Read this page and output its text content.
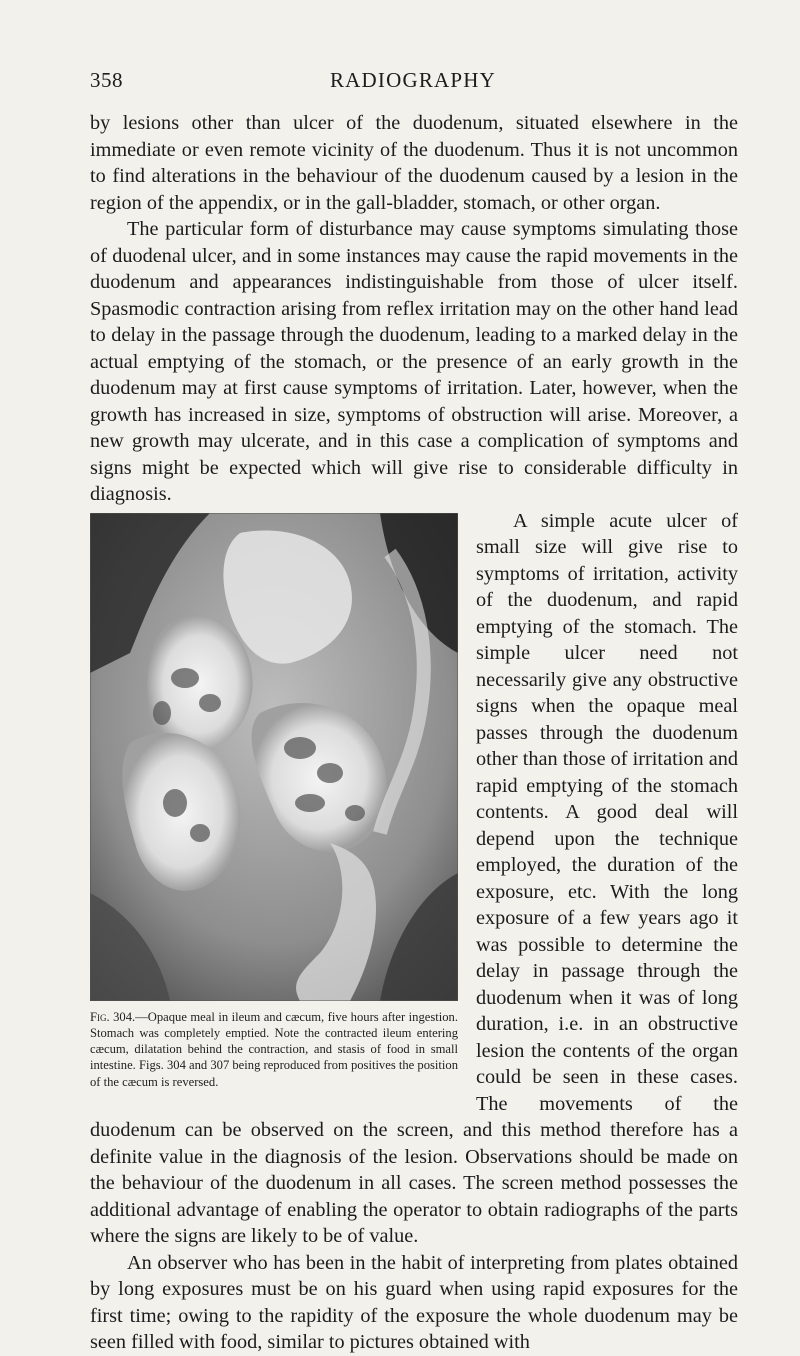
358	RADIOGRAPHY

by lesions other than ulcer of the duodenum, situated elsewhere in the immediate or even remote vicinity of the duodenum. Thus it is not uncommon to find alterations in the behaviour of the duodenum caused by a lesion in the region of the appendix, or in the gall-bladder, stomach, or other organ.

The particular form of disturbance may cause symptoms simulating those of duodenal ulcer, and in some instances may cause the rapid movements in the duodenum and appearances indistinguishable from those of ulcer itself. Spasmodic contraction arising from reflex irritation may on the other hand lead to delay in the passage through the duodenum, leading to a marked delay in the actual emptying of the stomach, or the presence of an early growth in the duodenum may at first cause symptoms of irritation. Later, however, when the growth has increased in size, symptoms of obstruction will arise. Moreover, a new growth may ulcerate, and in this case a complication of symptoms and signs might be expected which will give rise to considerable difficulty in diagnosis.

Fig. 304.—Opaque meal in ileum and cæcum, five hours after ingestion. Stomach was completely emptied. Note the contracted ileum entering cæcum, dilatation behind the contraction, and stasis of food in small intestine. Figs. 304 and 307 being reproduced from positives the position of the cæcum is reversed.

A simple acute ulcer of small size will give rise to symptoms of irritation, activity of the duodenum, and rapid emptying of the stomach. The simple ulcer need not necessarily give any obstructive signs when the opaque meal passes through the duodenum other than those of irritation and rapid emptying of the stomach contents. A good deal will depend upon the technique employed, the duration of the exposure, etc. With the long exposure of a few years ago it was possible to determine the delay in passage through the duodenum when it was of long duration, i.e. in an obstructive lesion the contents of the organ could be seen in these cases. The movements of the duodenum can be observed on the screen, and this method therefore has a definite value in the diagnosis of the lesion. Observations should be made on the behaviour of the duodenum in all cases. The screen method possesses the additional advantage of enabling the operator to obtain radiographs of the parts where the signs are likely to be of value.

An observer who has been in the habit of interpreting from plates obtained by long exposures must be on his guard when using rapid exposures for the first time; owing to the rapidity of the exposure the whole duodenum may be seen filled with food, similar to pictures obtained with
